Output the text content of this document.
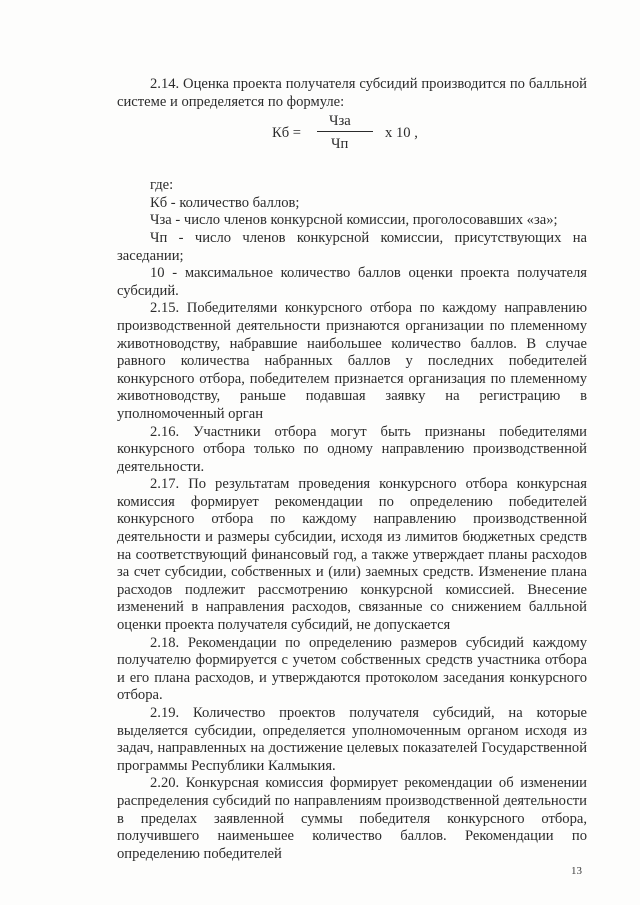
2.14. Оценка проекта получателя субсидий производится по балльной системе и определяется по формуле:

Кб =
Чза
Чп
x 10 ,

где:

Кб - количество баллов;

Чза - число членов конкурсной комиссии, проголосовавших «за»;

Чп - число членов конкурсной комиссии, присутствующих на заседании;

10 - максимальное количество баллов оценки проекта получателя субсидий.

2.15. Победителями конкурсного отбора по каждому направлению производственной деятельности признаются организации по племенному животноводству, набравшие наибольшее количество баллов. В случае равного количества набранных баллов у последних победителей конкурсного отбора, победителем признается организация по племенному животноводству, раньше подавшая заявку на регистрацию в уполномоченный орган

2.16. Участники отбора могут быть признаны победителями конкурсного отбора только по одному направлению производственной деятельности.

2.17. По результатам проведения конкурсного отбора конкурсная комиссия формирует рекомендации по определению победителей конкурсного отбора по каждому направлению производственной деятельности и размеры субсидии, исходя из лимитов бюджетных средств на соответствующий финансовый год, а также утверждает планы расходов за счет субсидии, собственных и (или) заемных средств. Изменение плана расходов подлежит рассмотрению конкурсной комиссией. Внесение изменений в направления расходов, связанные со снижением балльной оценки проекта получателя субсидий, не допускается

2.18. Рекомендации по определению размеров субсидий каждому получателю формируется с учетом собственных средств участника отбора и его плана расходов, и утверждаются протоколом заседания конкурсного отбора.

2.19. Количество проектов получателя субсидий, на которые выделяется субсидии, определяется уполномоченным органом исходя из задач, направленных на достижение целевых показателей Государственной программы Республики Калмыкия.

2.20. Конкурсная комиссия формирует рекомендации об изменении распределения субсидий по направлениям производственной деятельности в пределах заявленной суммы победителя конкурсного отбора, получившего наименьшее количество баллов. Рекомендации по определению победителей

13
